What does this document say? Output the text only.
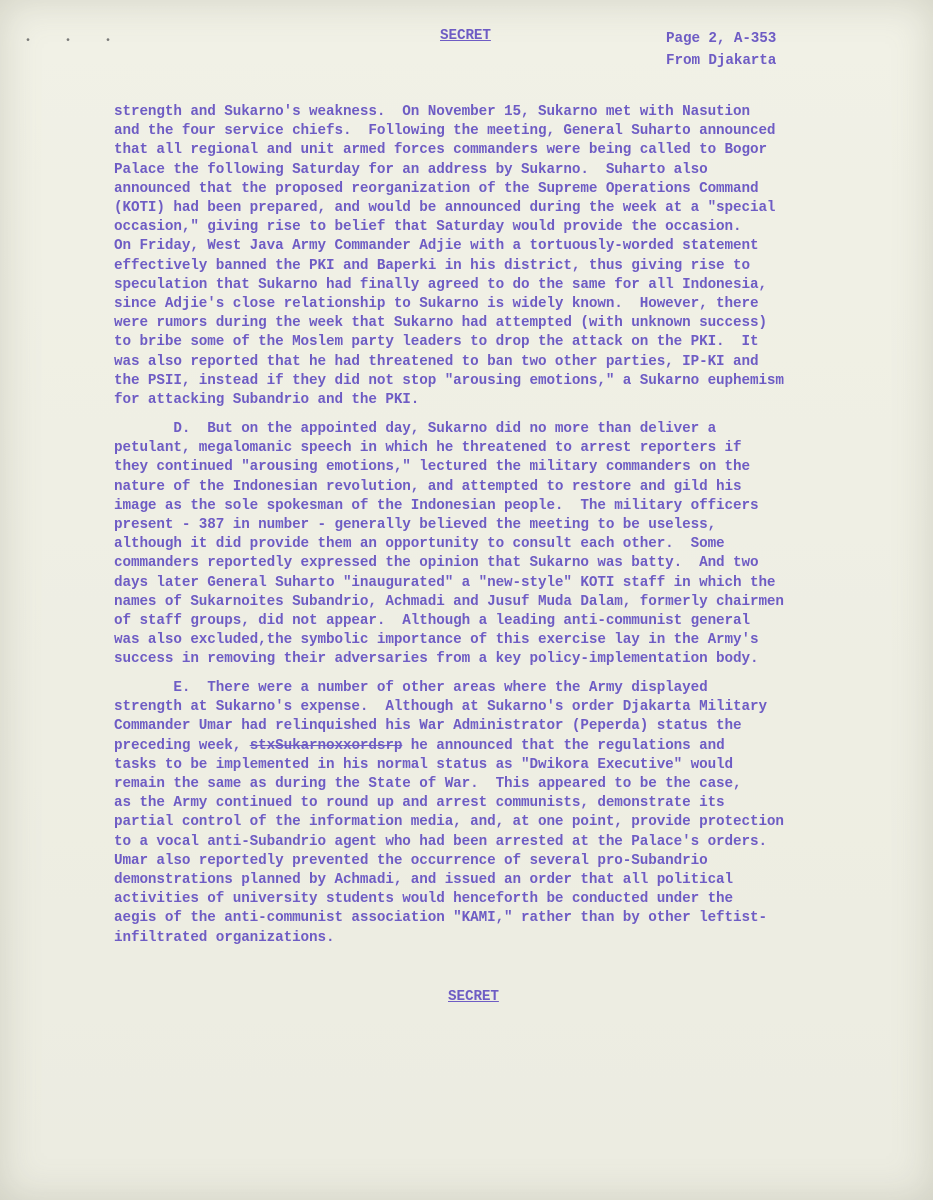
• • •	SECRET	Page 2, A-353
From Djakarta
strength and Sukarno's weakness.  On November 15, Sukarno met with Nasution
and the four service chiefs.  Following the meeting, General Suharto announced
that all regional and unit armed forces commanders were being called to Bogor
Palace the following Saturday for an address by Sukarno.  Suharto also
announced that the proposed reorganization of the Supreme Operations Command
(KOTI) had been prepared, and would be announced during the week at a "special
occasion," giving rise to belief that Saturday would provide the occasion.
On Friday, West Java Army Commander Adjie with a tortuously-worded statement
effectively banned the PKI and Baperki in his district, thus giving rise to
speculation that Sukarno had finally agreed to do the same for all Indonesia,
since Adjie's close relationship to Sukarno is widely known.  However, there
were rumors during the week that Sukarno had attempted (with unknown success)
to bribe some of the Moslem party leaders to drop the attack on the PKI.  It
was also reported that he had threatened to ban two other parties, IP-KI and
the PSII, instead if they did not stop "arousing emotions," a Sukarno euphemism
for attacking Subandrio and the PKI.
D.  But on the appointed day, Sukarno did no more than deliver a
petulant, megalomanic speech in which he threatened to arrest reporters if
they continued "arousing emotions," lectured the military commanders on the
nature of the Indonesian revolution, and attempted to restore and gild his
image as the sole spokesman of the Indonesian people.  The military officers
present - 387 in number - generally believed the meeting to be useless,
although it did provide them an opportunity to consult each other.  Some
commanders reportedly expressed the opinion that Sukarno was batty.  And two
days later General Suharto "inaugurated" a "new-style" KOTI staff in which the
names of Sukarnoites Subandrio, Achmadi and Jusuf Muda Dalam, formerly chairmen
of staff groups, did not appear.  Although a leading anti-communist general
was also excluded,the symbolic importance of this exercise lay in the Army's
success in removing their adversaries from a key policy-implementation body.
E.  There were a number of other areas where the Army displayed
strength at Sukarno's expense.  Although at Sukarno's order Djakarta Military
Commander Umar had relinquished his War Administrator (Peperda) status the
preceding week, stxSukarnoxxordsrp he announced that the regulations and
tasks to be implemented in his normal status as "Dwikora Executive" would
remain the same as during the State of War.  This appeared to be the case,
as the Army continued to round up and arrest communists, demonstrate its
partial control of the information media, and, at one point, provide protection
to a vocal anti-Subandrio agent who had been arrested at the Palace's orders.
Umar also reportedly prevented the occurrence of several pro-Subandrio
demonstrations planned by Achmadi, and issued an order that all political
activities of university students would henceforth be conducted under the
aegis of the anti-communist association "KAMI," rather than by other leftist-
infiltrated organizations.
SECRET
